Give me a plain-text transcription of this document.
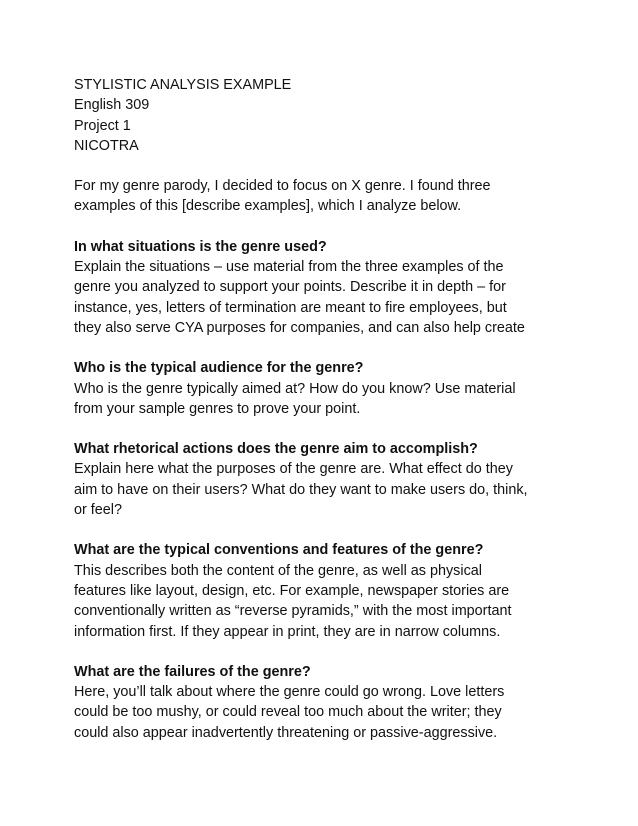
STYLISTIC ANALYSIS EXAMPLE
English 309
Project 1
NICOTRA
For my genre parody, I decided to focus on X genre. I found three
examples of this [describe examples], which I analyze below.
In what situations is the genre used?
Explain the situations – use material from the three examples of the
genre you analyzed to support your points. Describe it in depth – for
instance, yes, letters of termination are meant to fire employees, but
they also serve CYA purposes for companies, and can also help create
Who is the typical audience for the genre?
Who is the genre typically aimed at? How do you know? Use material
from your sample genres to prove your point.
What rhetorical actions does the genre aim to accomplish?
Explain here what the purposes of the genre are. What effect do they
aim to have on their users? What do they want to make users do, think,
or feel?
What are the typical conventions and features of the genre?
This describes both the content of the genre, as well as physical
features like layout, design, etc. For example, newspaper stories are
conventionally written as “reverse pyramids,” with the most important
information first. If they appear in print, they are in narrow columns.
What are the failures of the genre?
Here, you’ll talk about where the genre could go wrong. Love letters
could be too mushy, or could reveal too much about the writer; they
could also appear inadvertently threatening or passive-aggressive.
